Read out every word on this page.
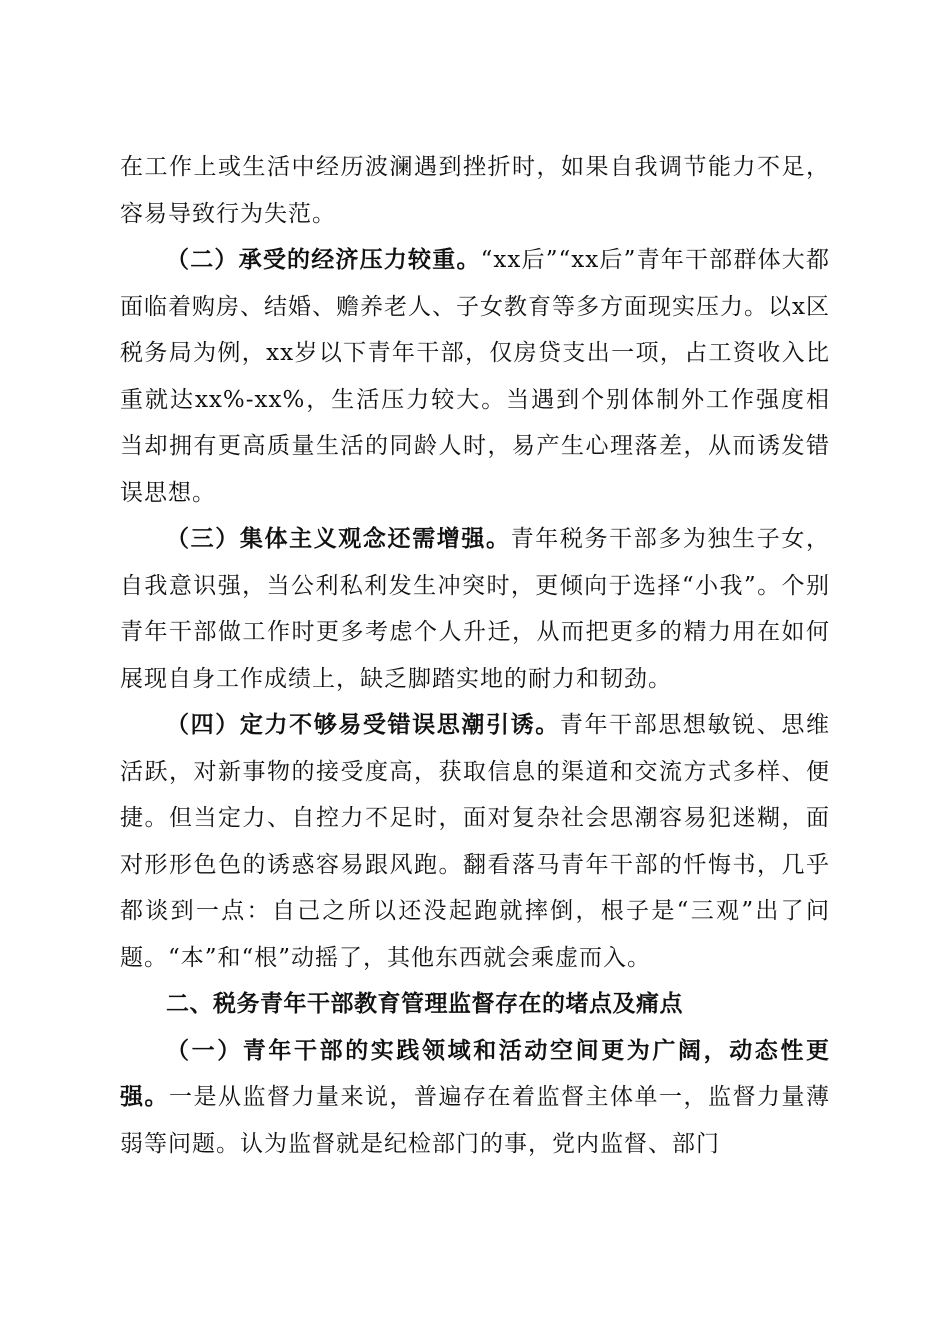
在工作上或生活中经历波澜遇到挫折时，如果自我调节能力不足，容易导致行为失范。

（二）承受的经济压力较重。“xx后”“xx后”青年干部群体大都面临着购房、结婚、赡养老人、子女教育等多方面现实压力。以x区税务局为例，xx岁以下青年干部，仅房贷支出一项，占工资收入比重就达xx%-xx%，生活压力较大。当遇到个别体制外工作强度相当却拥有更高质量生活的同龄人时，易产生心理落差，从而诱发错误思想。

（三）集体主义观念还需增强。青年税务干部多为独生子女，自我意识强，当公利私利发生冲突时，更倾向于选择“小我”。个别青年干部做工作时更多考虑个人升迁，从而把更多的精力用在如何展现自身工作成绩上，缺乏脚踏实地的耐力和韧劲。

（四）定力不够易受错误思潮引诱。青年干部思想敏锐、思维活跃，对新事物的接受度高，获取信息的渠道和交流方式多样、便捷。但当定力、自控力不足时，面对复杂社会思潮容易犯迷糊，面对形形色色的诱惑容易跟风跑。翻看落马青年干部的忏悔书，几乎都谈到一点：自己之所以还没起跑就摔倒，根子是“三观”出了问题。“本”和“根”动摇了，其他东西就会乘虚而入。

二、税务青年干部教育管理监督存在的堵点及痛点

（一）青年干部的实践领域和活动空间更为广阔，动态性更强。一是从监督力量来说，普遍存在着监督主体单一，监督力量薄弱等问题。认为监督就是纪检部门的事，党内监督、部门
